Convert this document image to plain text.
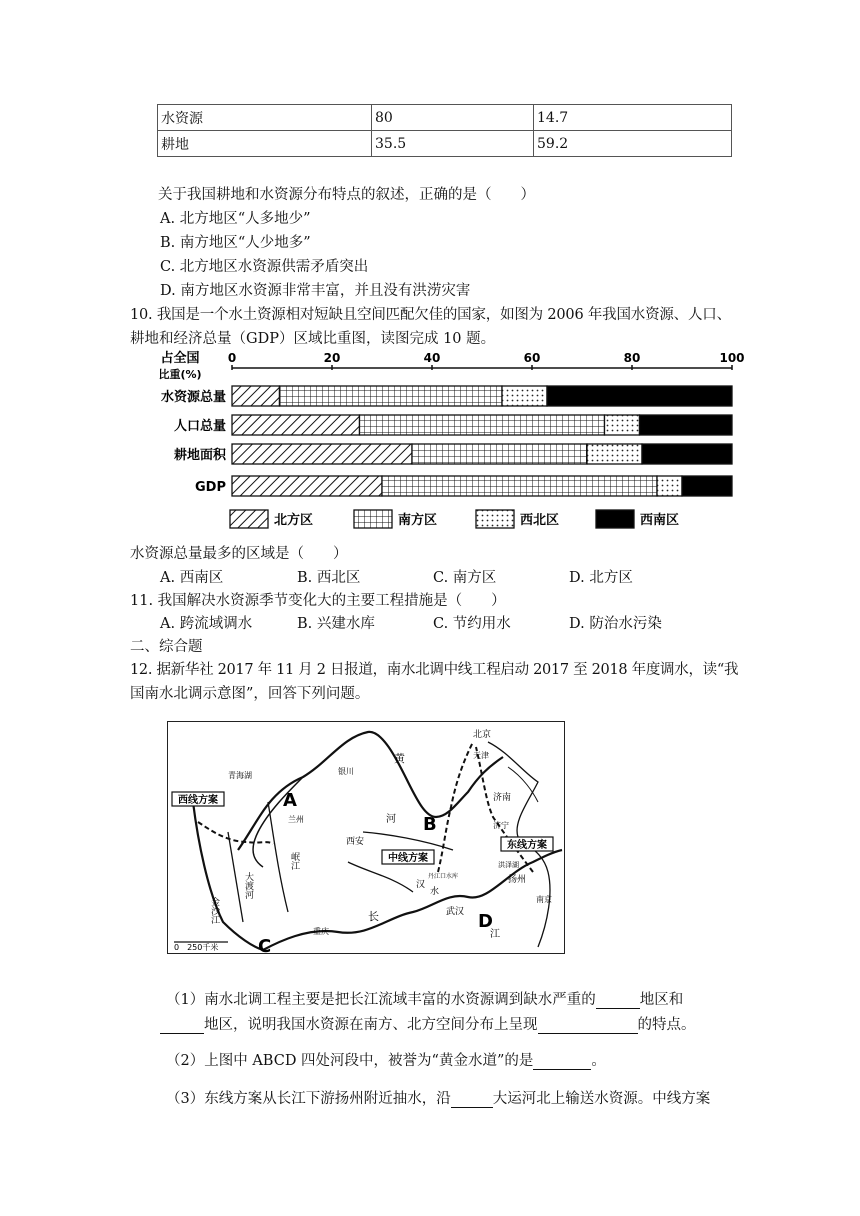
水资源	80	14.7
耕地	35.5	59.2
关于我国耕地和水资源分布特点的叙述，正确的是（　　）
A. 北方地区“人多地少”
B. 南方地区“人少地多”
C. 北方地区水资源供需矛盾突出
D. 南方地区水资源非常丰富，并且没有洪涝灾害
10. 我国是一个水土资源相对短缺且空间匹配欠佳的国家，如图为 2006 年我国水资源、人口、
耕地和经济总量（GDP）区域比重图，读图完成 10 题。
占全国
比重(%)
0	20	40	60	80	100
水资源总量
人口总量
耕地面积
GDP
北方区	南方区	西北区	西南区
水资源总量最多的区域是（　　）
A. 西南区	B. 西北区	C. 南方区	D. 北方区
11. 我国解决水资源季节变化大的主要工程措施是（　　）
A. 跨流域调水	B. 兴建水库	C. 节约用水	D. 防治水污染
二、综合题
12. 据新华社 2017 年 11 月 2 日报道，南水北调中线工程启动 2017 至 2018 年度调水，读“我
国南水北调示意图”，回答下列问题。
A
B
C
D
西线方案
中线方案
东线方案
北京
天津
济南
济宁
西安
兰州
银川
青海湖
武汉
扬州
南京
重庆
洪泽湖
黄
河
长
江
金沙江
大渡河
岷江
汉
水
丹江口水库
0　250千米
（1）南水北调工程主要是把长江流域丰富的水资源调到缺水严重的	地区和
地区，说明我国水资源在南方、北方空间分布上呈现	的特点。
（2）上图中 ABCD 四处河段中，被誉为“黄金水道”的是	。
（3）东线方案从长江下游扬州附近抽水，沿	大运河北上输送水资源。中线方案
